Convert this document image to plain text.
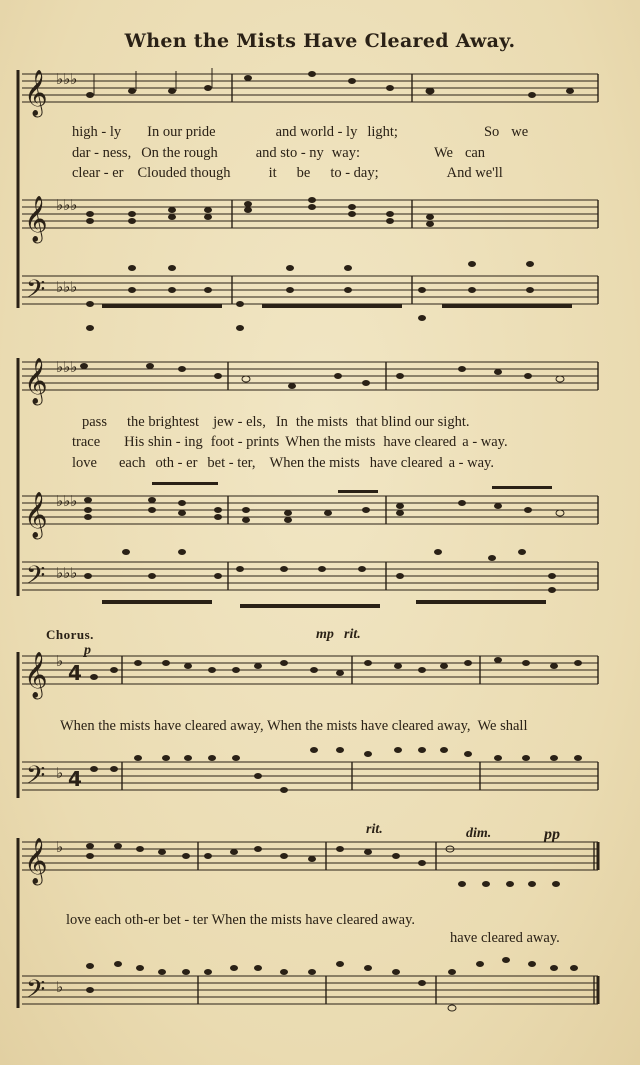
When the Mists Have Cleared Away.
𝄞 ♭♭♭
high - ly In our pride	and world - ly light;	So we
dar - ness, On the rough	and sto - ny way:	We can
clear - er Clouded though	it be to - day;	And we'll
𝄞 ♭♭♭
𝄢 ♭♭♭
𝄞 ♭♭♭
pass the brightest jew - els, In the mists that blind our sight.
trace His shin - ing foot - prints When the mists have cleared a - way.
love each oth - er bet - ter, When the mists have cleared a - way.
𝄞 ♭♭♭
𝄢 ♭♭♭
Chorus.	mp rit.
p
𝄞 ♭ 4
When the mists have cleared away, When the mists have cleared away,  We shall
𝄢 ♭ 4
rit.	dim.	pp
𝄞 ♭
love each oth-er bet - ter When the mists have cleared away.
have cleared away.
𝄢 ♭
